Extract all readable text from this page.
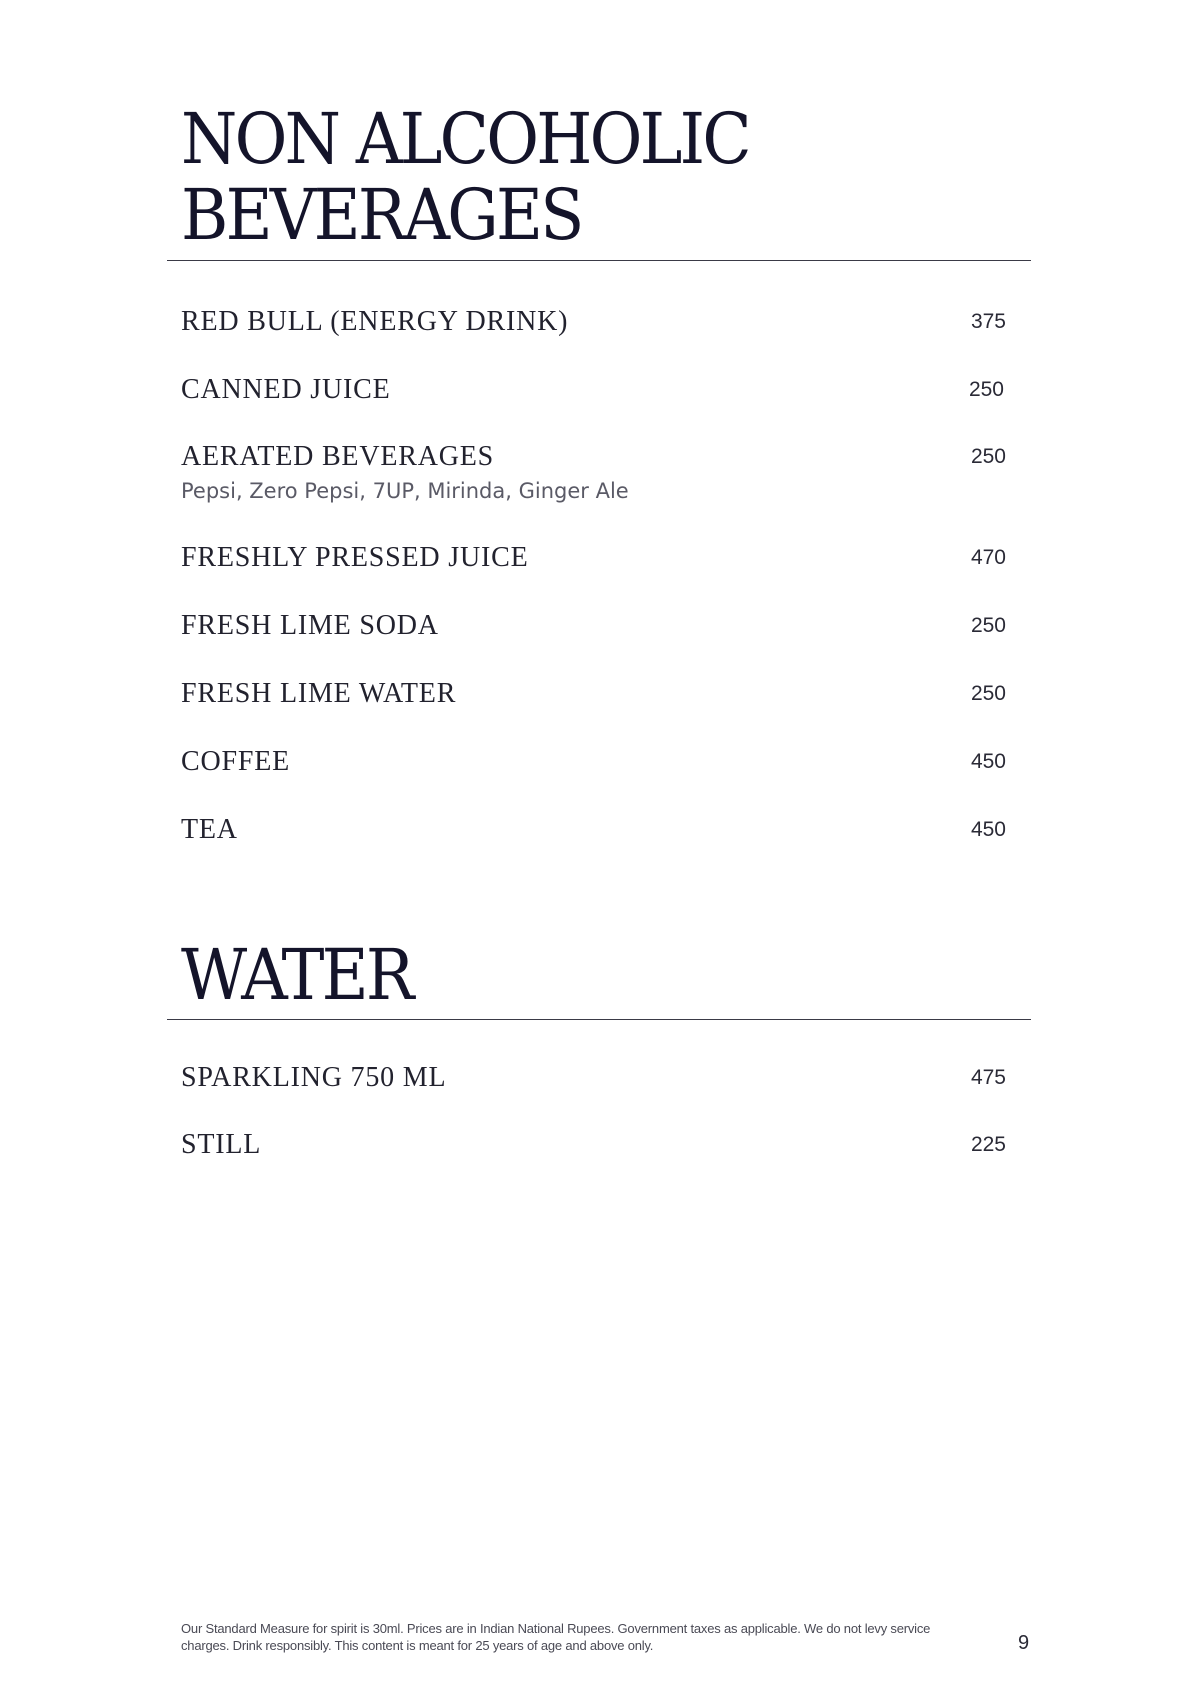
NON ALCOHOLIC
BEVERAGES
RED BULL (ENERGY DRINK)	375
CANNED JUICE	250
AERATED BEVERAGES	250
Pepsi, Zero Pepsi, 7UP, Mirinda, Ginger Ale
FRESHLY PRESSED JUICE	470
FRESH LIME SODA	250
FRESH LIME WATER	250
COFFEE	450
TEA	450
WATER
SPARKLING 750 ML	475
STILL	225
Our Standard Measure for spirit is 30ml. Prices are in Indian National Rupees. Government taxes as applicable. We do not levy service charges. Drink responsibly. This content is meant for 25 years of age and above only.	9
